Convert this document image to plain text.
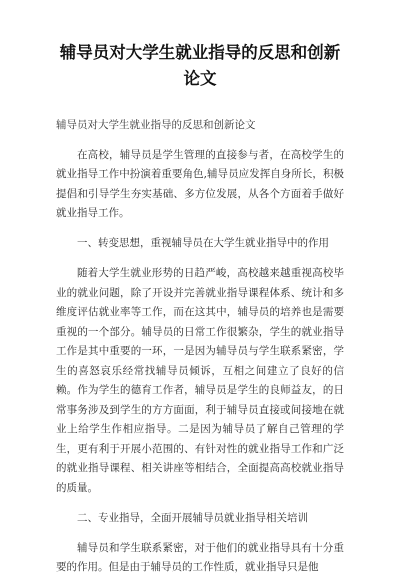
辅导员对大学生就业指导的反思和创新论文

辅导员对大学生就业指导的反思和创新论文

在高校，辅导员是学生管理的直接参与者，在高校学生的就业指导工作中扮演着重要角色,辅导员应发挥自身所长，积极提倡和引导学生夯实基础、多方位发展，从各个方面着手做好就业指导工作。

一、转变思想，重视辅导员在大学生就业指导中的作用

随着大学生就业形势的日趋严峻，高校越来越重视高校毕业的就业问题，除了开设并完善就业指导课程体系、统计和多维度评估就业率等工作，而在这其中，辅导员的培养也是需要重视的一个部分。辅导员的日常工作很繁杂，学生的就业指导工作是其中重要的一环，一是因为辅导员与学生联系紧密，学生的喜怒哀乐经常找辅导员倾诉，互相之间建立了良好的信赖。作为学生的德育工作者，辅导员是学生的良师益友，的日常事务涉及到学生的方方面面，利于辅导员直接或间接地在就业上给学生作相应指导。二是因为辅导员了解自己管理的学生，更有利于开展小范围的、有针对性的就业指导工作和广泛的就业指导课程、相关讲座等相结合，全面提高高校就业指导的质量。

二、专业指导，全面开展辅导员就业指导相关培训

辅导员和学生联系紧密，对于他们的就业指导具有十分重要的作用。但是由于辅导员的工作性质，就业指导只是他
